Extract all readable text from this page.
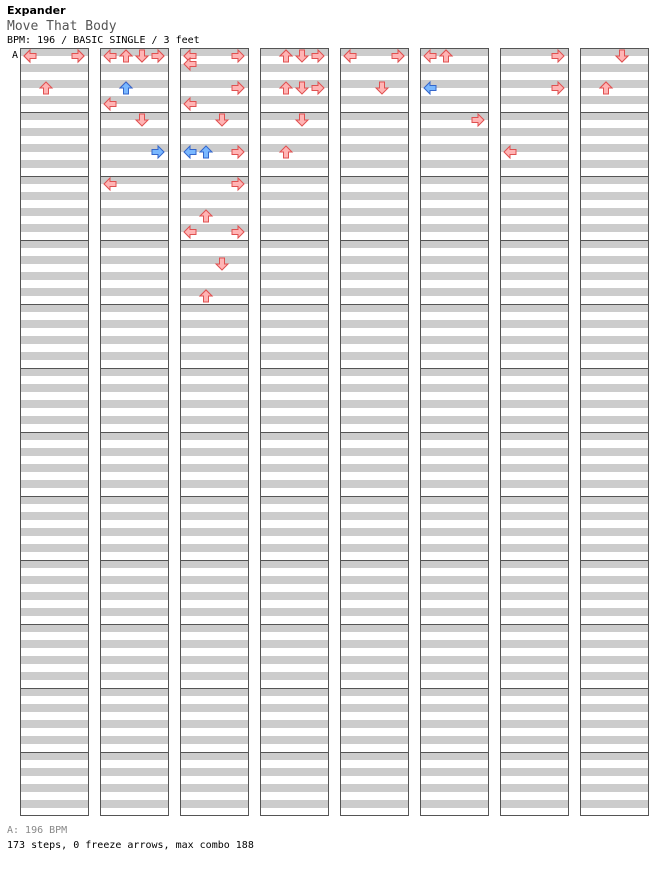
Expander
Move That Body
BPM: 196 / BASIC SINGLE / 3 feet
A
A: 196 BPM
173 steps, 0 freeze arrows, max combo 188
